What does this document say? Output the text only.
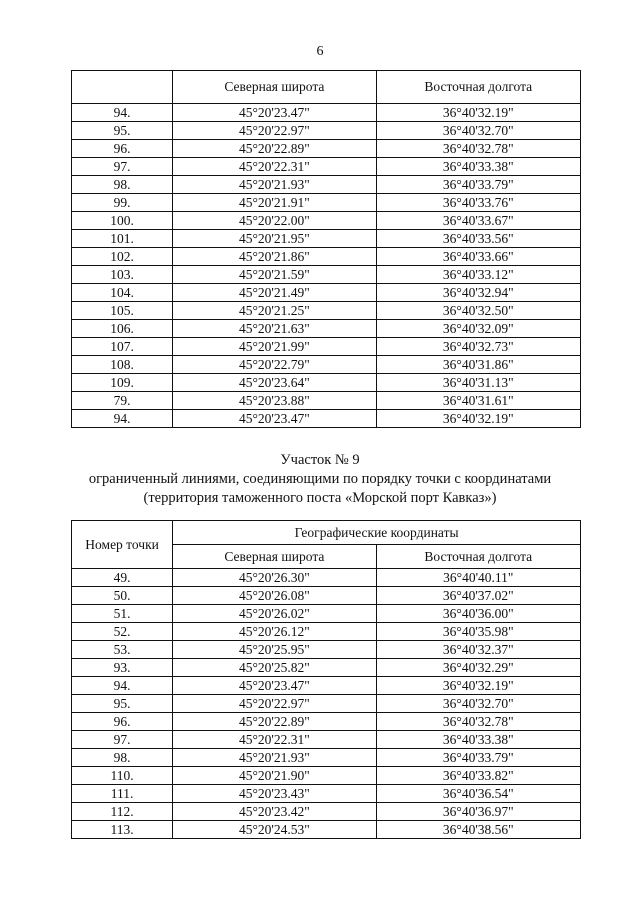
6
	Северная широта	Восточная долгота
94.	45°20'23.47"	36°40'32.19"
95.	45°20'22.97"	36°40'32.70"
96.	45°20'22.89"	36°40'32.78"
97.	45°20'22.31"	36°40'33.38"
98.	45°20'21.93"	36°40'33.79"
99.	45°20'21.91"	36°40'33.76"
100.	45°20'22.00"	36°40'33.67"
101.	45°20'21.95"	36°40'33.56"
102.	45°20'21.86"	36°40'33.66"
103.	45°20'21.59"	36°40'33.12"
104.	45°20'21.49"	36°40'32.94"
105.	45°20'21.25"	36°40'32.50"
106.	45°20'21.63"	36°40'32.09"
107.	45°20'21.99"	36°40'32.73"
108.	45°20'22.79"	36°40'31.86"
109.	45°20'23.64"	36°40'31.13"
79.	45°20'23.88"	36°40'31.61"
94.	45°20'23.47"	36°40'32.19"
Участок № 9
ограниченный линиями, соединяющими по порядку точки с координатами
(территория таможенного поста «Морской порт Кавказ»)
Номер точки	Географические координаты	
	Северная широта	Восточная долгота
49.	45°20'26.30"	36°40'40.11"
50.	45°20'26.08"	36°40'37.02"
51.	45°20'26.02"	36°40'36.00"
52.	45°20'26.12"	36°40'35.98"
53.	45°20'25.95"	36°40'32.37"
93.	45°20'25.82"	36°40'32.29"
94.	45°20'23.47"	36°40'32.19"
95.	45°20'22.97"	36°40'32.70"
96.	45°20'22.89"	36°40'32.78"
97.	45°20'22.31"	36°40'33.38"
98.	45°20'21.93"	36°40'33.79"
110.	45°20'21.90"	36°40'33.82"
111.	45°20'23.43"	36°40'36.54"
112.	45°20'23.42"	36°40'36.97"
113.	45°20'24.53"	36°40'38.56"
